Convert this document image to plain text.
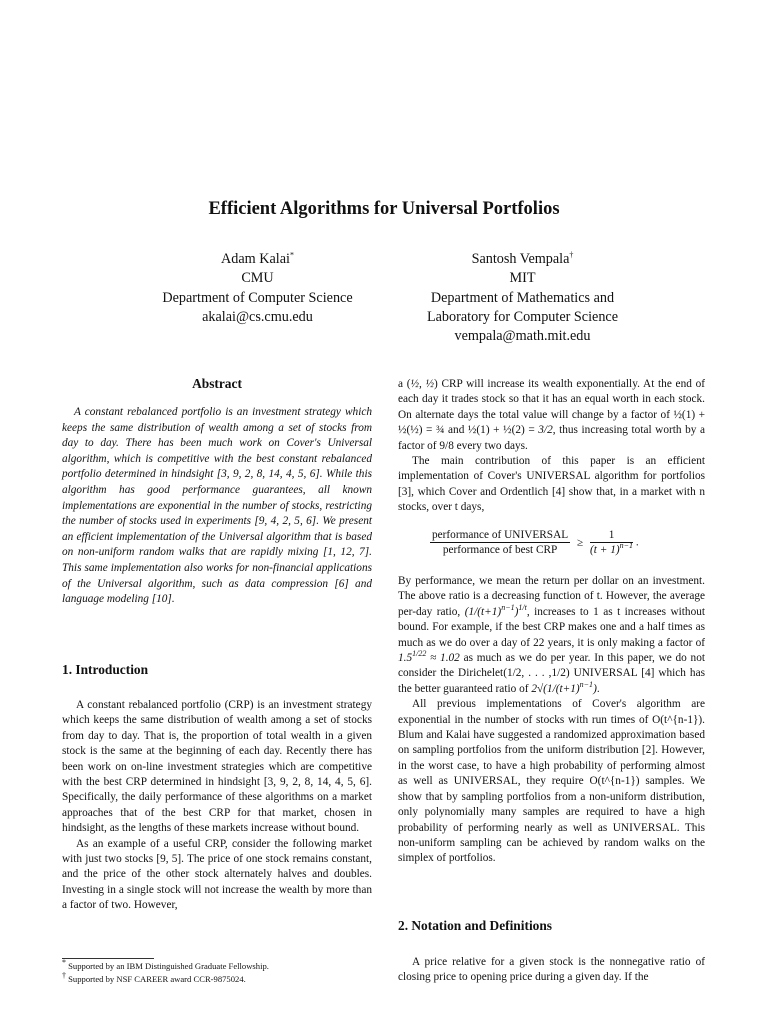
Efficient Algorithms for Universal Portfolios
Adam Kalai*
CMU
Department of Computer Science
akalai@cs.cmu.edu
Santosh Vempala†
MIT
Department of Mathematics and
Laboratory for Computer Science
vempala@math.mit.edu
Abstract
A constant rebalanced portfolio is an investment strategy which keeps the same distribution of wealth among a set of stocks from day to day. There has been much work on Cover's Universal algorithm, which is competitive with the best constant rebalanced portfolio determined in hindsight [3, 9, 2, 8, 14, 4, 5, 6]. While this algorithm has good performance guarantees, all known implementations are exponential in the number of stocks, restricting the number of stocks used in experiments [9, 4, 2, 5, 6]. We present an efficient implementation of the Universal algorithm that is based on non-uniform random walks that are rapidly mixing [1, 12, 7]. This same implementation also works for non-financial applications of the Universal algorithm, such as data compression [6] and language modeling [10].
1. Introduction

A constant rebalanced portfolio (CRP) is an investment strategy which keeps the same distribution of wealth among a set of stocks from day to day. That is, the proportion of total wealth in a given stock is the same at the beginning of each day. Recently there has been work on on-line investment strategies which are competitive with the best CRP determined in hindsight [3, 9, 2, 8, 14, 4, 5, 6]. Specifically, the daily performance of these algorithms on a market approaches that of the best CRP for that market, chosen in hindsight, as the lengths of these markets increase without bound.

As an example of a useful CRP, consider the following market with just two stocks [9, 5]. The price of one stock remains constant, and the price of the other stock alternately halves and doubles. Investing in a single stock will not increase the wealth by more than a factor of two. However,

a (½, ½) CRP will increase its wealth exponentially. At the end of each day it trades stock so that it has an equal worth in each stock. On alternate days the total value will change by a factor of ½(1) + ½(½) = ¾ and ½(1) + ½(2) = 3/2, thus increasing total worth by a factor of 9/8 every two days.

The main contribution of this paper is an efficient implementation of Cover's UNIVERSAL algorithm for portfolios [3], which Cover and Ordentlich [4] show that, in a market with n stocks, over t days,

$\frac{\text{performance of UNIVERSAL}}{\text{performance of best CRP}} \ge \frac{1}{(t + 1)^{n-1}}$ .

By performance, we mean the return per dollar on an investment. The above ratio is a decreasing function of t. However, the average per-day ratio, $(1/(t+1)^{n-1})^{1/t}$, increases to 1 as t increases without bound. For example, if the best CRP makes one and a half times as much as we do over a day of 22 years, it is only making a factor of $1.5^{1/22} \approx 1.02$ as much as we do per year. In this paper, we do not consider the Dirichelet(1/2, . . . ,1/2) UNIVERSAL [4] which has the better guaranteed ratio of $2√(1/(t+1)^{n-1})$.

All previous implementations of Cover's algorithm are exponential in the number of stocks with run times of O(t^{n-1}). Blum and Kalai have suggested a randomized approximation based on sampling portfolios from the uniform distribution [2]. However, in the worst case, to have a high probability of performing almost as well as UNIVERSAL, they require O(t^{n-1}) samples. We show that by sampling portfolios from a non-uniform distribution, only polynomially many samples are required to have a high probability of performing nearly as well as UNIVERSAL. This non-uniform sampling can be achieved by random walks on the simplex of portfolios.

2. Notation and Definitions

A price relative for a given stock is the nonnegative ratio of closing price to opening price during a given day. If the

* Supported by an IBM Distinguished Graduate Fellowship.
† Supported by NSF CAREER award CCR-9875024.
